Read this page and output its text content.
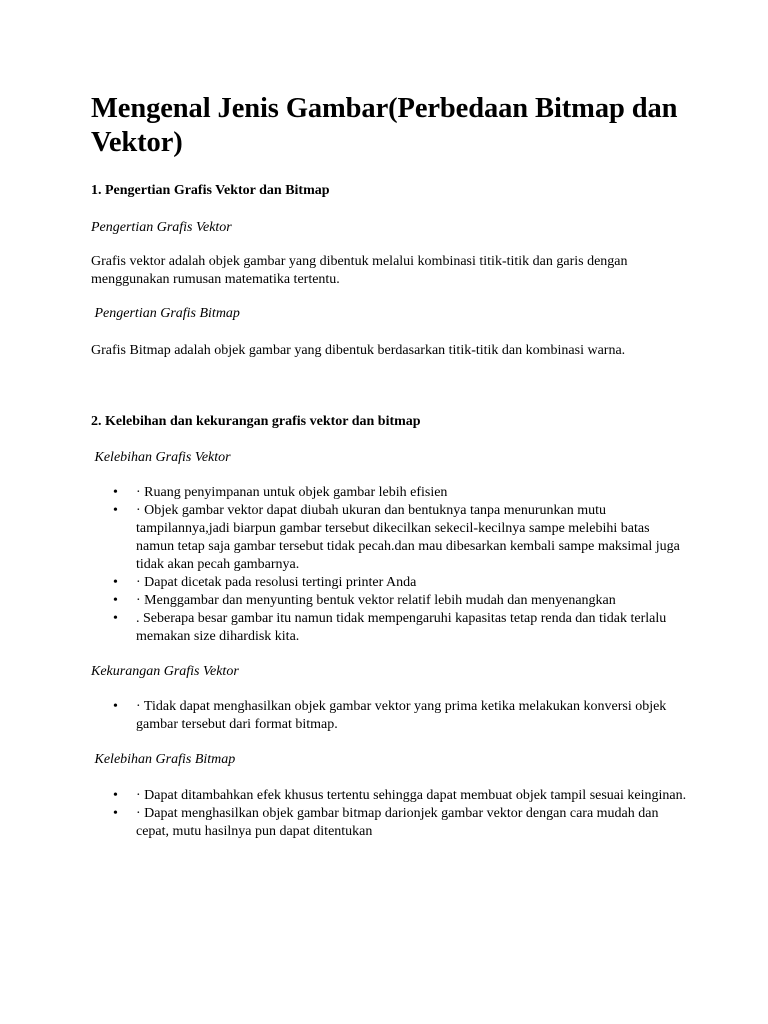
Mengenal Jenis Gambar(Perbedaan Bitmap dan Vektor)
1. Pengertian Grafis Vektor dan Bitmap
Pengertian Grafis Vektor

Grafis vektor adalah objek gambar yang dibentuk melalui kombinasi titik-titik dan garis dengan menggunakan rumusan matematika tertentu.

Pengertian Grafis Bitmap

Grafis Bitmap adalah objek gambar yang dibentuk berdasarkan titik-titik dan kombinasi warna.

2. Kelebihan dan kekurangan grafis vektor dan bitmap
Kelebihan Grafis Vektor
• · Ruang penyimpanan untuk objek gambar lebih efisien
• · Objek gambar vektor dapat diubah ukuran dan bentuknya tanpa menurunkan mutu tampilannya,jadi biarpun gambar tersebut dikecilkan sekecil-kecilnya sampe melebihi batas namun tetap saja gambar tersebut tidak pecah.dan mau dibesarkan kembali sampe maksimal juga tidak akan pecah gambarnya.
• · Dapat dicetak pada resolusi tertingi printer Anda
• · Menggambar dan menyunting bentuk vektor relatif lebih mudah dan menyenangkan
• . Seberapa besar gambar itu namun tidak mempengaruhi kapasitas tetap renda dan tidak terlalu  memakan size dihardisk kita.
Kekurangan Grafis Vektor
• · Tidak dapat menghasilkan objek gambar vektor yang prima ketika melakukan konversi objek gambar tersebut dari format bitmap.
Kelebihan Grafis Bitmap
• · Dapat ditambahkan efek khusus tertentu sehingga dapat membuat objek tampil sesuai keinginan.
• · Dapat menghasilkan objek gambar bitmap darionjek gambar vektor dengan cara mudah dan cepat, mutu hasilnya pun dapat ditentukan
